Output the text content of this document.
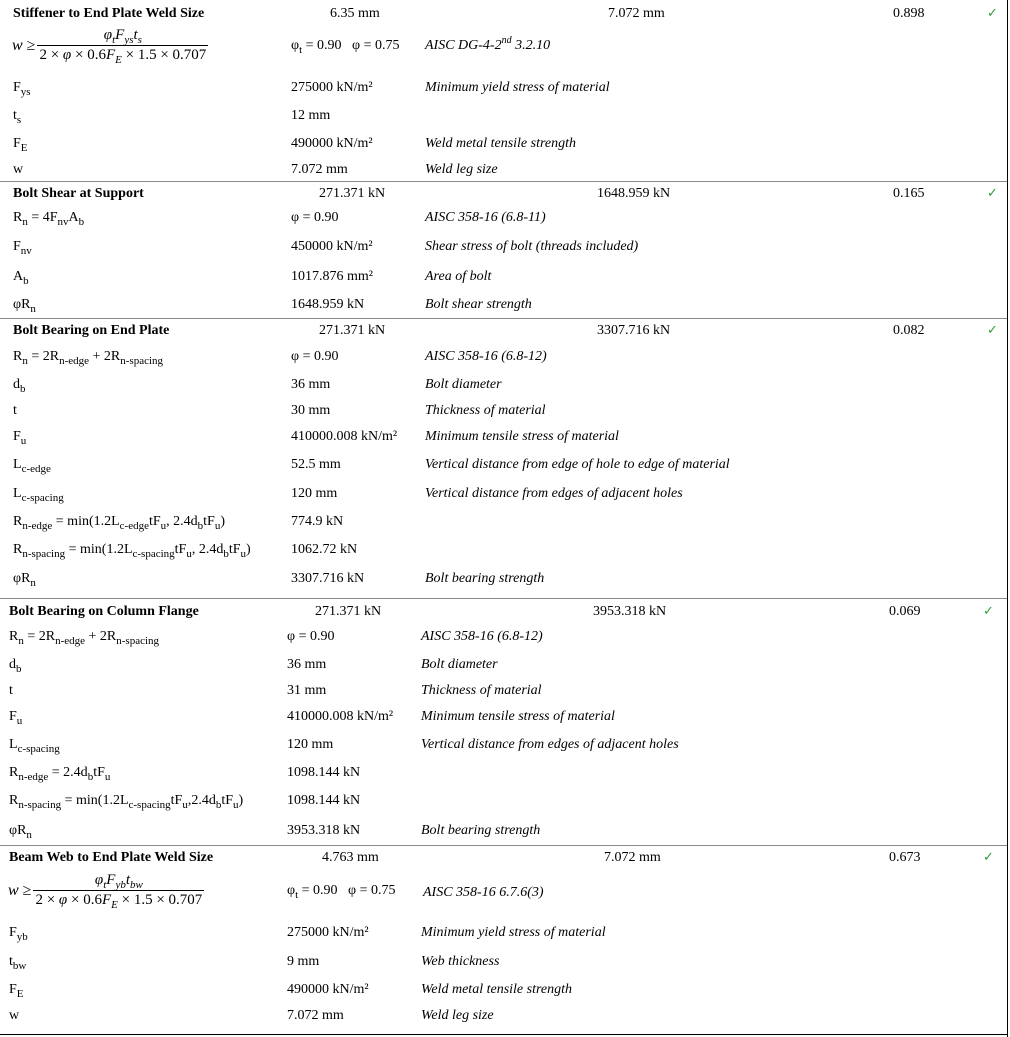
Stiffener to End Plate Weld Size	6.35 mm	7.072 mm	0.898	✓
$w \ge \frac{\varphi_tF_{ys}t_s}{2 \times \varphi \times 0.6F_E \times 1.5 \times 0.707}$	$\varphi_t = 0.90$   φ = 0.75 AISC DG-4-2nd 3.2.10
$F_{ys}$	275000 kN/m²	Minimum yield stress of material
$t_s$	12 mm
$F_E$	490000 kN/m²	Weld metal tensile strength
w	7.072 mm	Weld leg size
Bolt Shear at Support	271.371 kN	1648.959 kN	0.165	✓
$R_n = 4F_{nv}A_b$	φ = 0.90	AISC 358-16 (6.8-11)
$F_{nv}$	450000 kN/m²	Shear stress of bolt (threads included)
$A_b$	1017.876 mm²	Area of bolt
$\varphi R_n$	1648.959 kN	Bolt shear strength
Bolt Bearing on End Plate	271.371 kN	3307.716 kN	0.082	✓
$R_n = 2R_{n-edge} + 2R_{n-spacing}$	φ = 0.90	AISC 358-16 (6.8-12)
$d_b$	36 mm	Bolt diameter
t	30 mm	Thickness of material
$F_u$	410000.008 kN/m² Minimum tensile stress of material
$L_{c-edge}$	52.5 mm	Vertical distance from edge of hole to edge of material
$L_{c-spacing}$	120 mm	Vertical distance from edges of adjacent holes
$R_{n-edge} = \min(1.2L_{c-edge}tF_u$, $2.4d_btF_u$)	774.9 kN
$R_{n-spacing} = \min(1.2L_{c-spacing}tF_u$, $2.4d_btF_u$)	1062.72 kN
$\varphi R_n$	3307.716 kN	Bolt bearing strength
Bolt Bearing on Column Flange	271.371 kN	3953.318 kN	0.069	✓
$R_n = 2R_{n-edge} + 2R_{n-spacing}$	φ = 0.90	AISC 358-16 (6.8-12)
$d_b$	36 mm	Bolt diameter
t	31 mm	Thickness of material
$F_u$	410000.008 kN/m² Minimum tensile stress of material
$L_{c-spacing}$	120 mm	Vertical distance from edges of adjacent holes
$R_{n-edge} = 2.4d_btF_u$	1098.144 kN
$R_{n-spacing} = \min(1.2L_{c-spacing}tF_u,2.4d_btF_u)$	1098.144 kN
$\varphi R_n$	3953.318 kN	Bolt bearing strength
Beam Web to End Plate Weld Size	4.763 mm	7.072 mm	0.673	✓
$w \ge \frac{\varphi_tF_{yb}t_{bw}}{2 \times \varphi \times 0.6F_E \times 1.5 \times 0.707}$	$\varphi_t = 0.90$   φ = 0.75 AISC 358-16 6.7.6(3)
$F_{yb}$	275000 kN/m²	Minimum yield stress of material
$t_{bw}$	9 mm	Web thickness
$F_E$	490000 kN/m²	Weld metal tensile strength
w	7.072 mm	Weld leg size
